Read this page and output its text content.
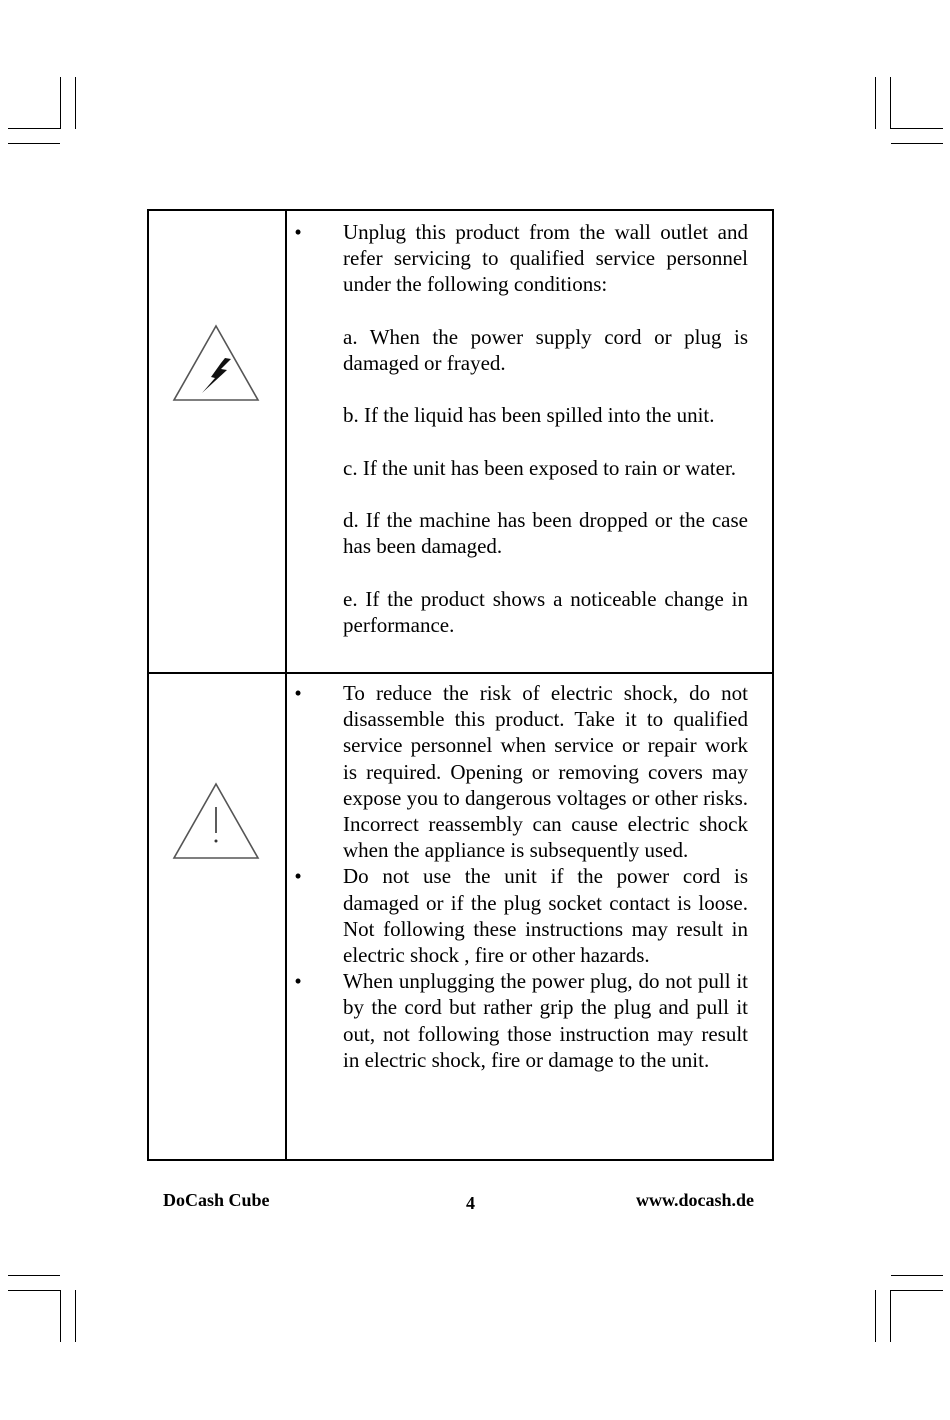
• Unplug this product from the wall outlet and refer servicing to qualified service personnel under the following conditions:
a. When the power supply cord or plug is damaged or frayed.
b. If the liquid has been spilled into the unit.
c. If the unit has been exposed to rain or water.
d. If the machine has been dropped or the case has been damaged.
e. If the product shows a noticeable change in performance.
• To reduce the risk of electric shock, do not disassemble this product. Take it to qualified service personnel when service or repair work is required. Opening or removing covers may expose you to dangerous voltages or other risks. Incorrect reassembly can cause electric shock when the appliance is subsequently used.
• Do not use the unit if the power cord is damaged or if the plug socket contact is loose. Not following these instructions may result in electric shock , fire or other hazards.
• When unplugging the power plug, do not pull it by the cord but rather grip the plug and pull it out, not following those instruction may result in electric shock, fire or damage to the unit.
DoCash Cube	4	www.docash.de
